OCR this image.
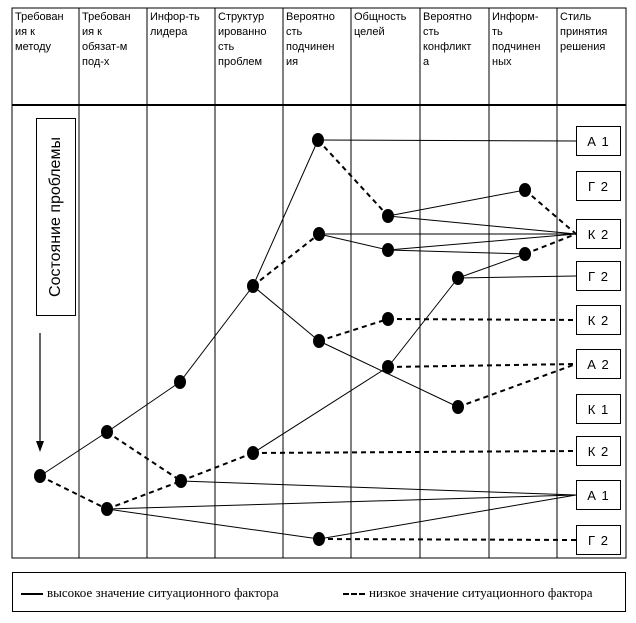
Требован
ия к
методу
Требован
ия к
обязат-м
под-х
Инфор-ть
лидера
Структур
ированно
сть
проблем
Вероятно
сть
подчинен
ия
Общность
целей
Вероятно
сть
конфликт
а
Информ-
ть
подчинен
ных
Стиль
принятия
решения
Состояние проблемы	А 1
Г 2
К 2
Г 2
К 2
А 2
К 1
К 2
А 1
Г 2
высокое значение ситуационного фактора	низкое значение ситуационного фактора
